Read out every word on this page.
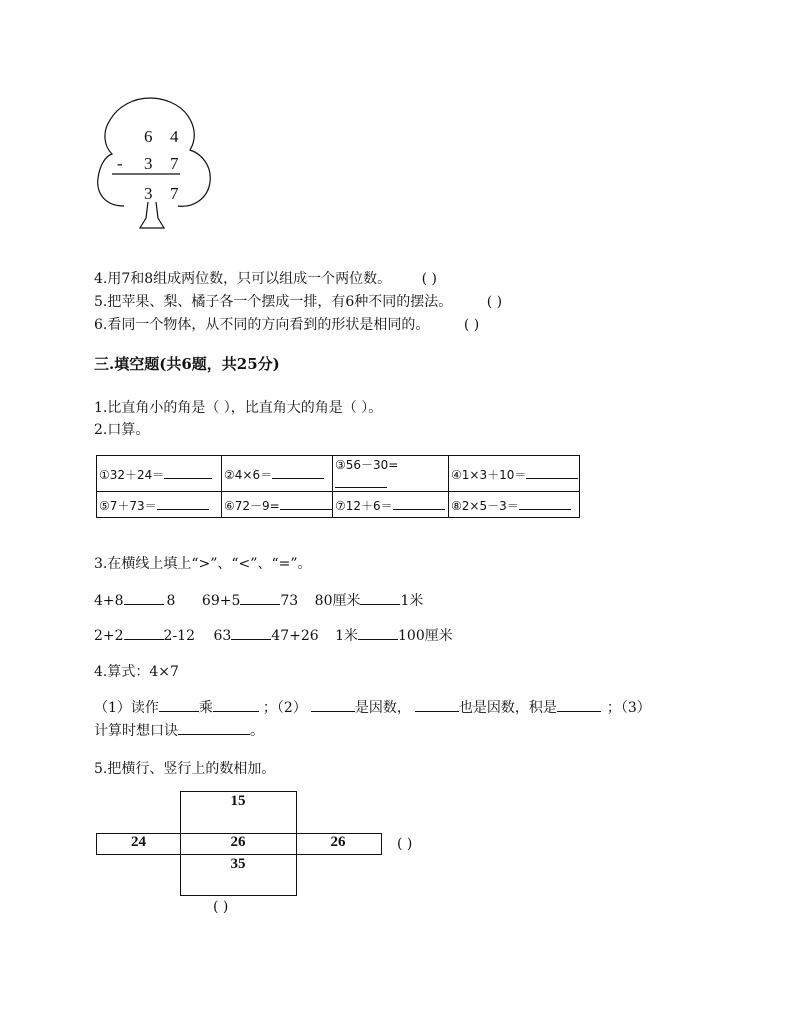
6 4
- 3 7
3 7
4.用7和8组成两位数，只可以组成一个两位数。 ( )
5.把苹果、梨、橘子各一个摆成一排，有6种不同的摆法。 ( )
6.看同一个物体，从不同的方向看到的形状是相同的。 ( )
三.填空题(共6题，共25分)
1.比直角小的角是（ ），比直角大的角是（ ）。
2.口算。
①32＋24＝	②4×6＝	③56－30=	④1×3＋10＝
⑤7＋73＝	⑥72－9=	⑦12＋6＝	⑧2×5－3＝
3.在横线上填上“>”、“<”、“=”。
4+8	8 69+5	73 80厘米	1米
2+2	2-12 63	47+26 1米	100厘米
4.算式：4×7
（1）读作	乘	；（2）	是因数，	也是因数，积是	；（3）
计算时想口诀	。
5.把横行、竖行上的数相加。
15
24	26	26
35
( )
( )
